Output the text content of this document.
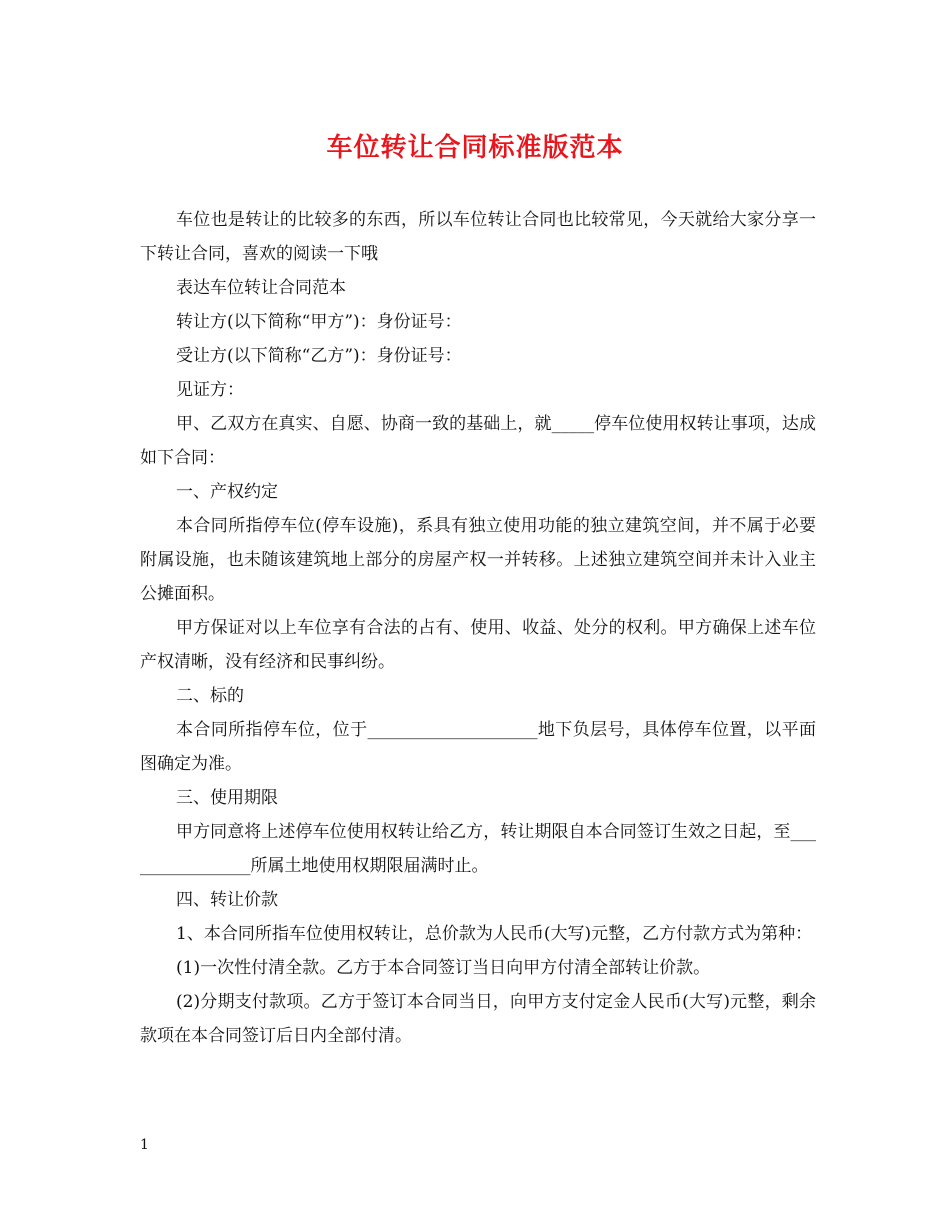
车位转让合同标准版范本

车位也是转让的比较多的东西，所以车位转让合同也比较常见，今天就给大家分享一下转让合同，喜欢的阅读一下哦

表达车位转让合同范本

转让方(以下简称“甲方”)：身份证号：

受让方(以下简称“乙方”)：身份证号：

见证方：

甲、乙双方在真实、自愿、协商一致的基础上，就_____停车位使用权转让事项，达成如下合同：

一、产权约定

本合同所指停车位(停车设施)，系具有独立使用功能的独立建筑空间，并不属于必要附属设施，也未随该建筑地上部分的房屋产权一并转移。上述独立建筑空间并未计入业主公摊面积。

甲方保证对以上车位享有合法的占有、使用、收益、处分的权利。甲方确保上述车位产权清晰，没有经济和民事纠纷。

二、标的

本合同所指停车位，位于____________________地下负层号，具体停车位置，以平面图确定为准。

三、使用期限

甲方同意将上述停车位使用权转让给乙方，转让期限自本合同签订生效之日起，至________________所属土地使用权期限届满时止。

四、转让价款

1、本合同所指车位使用权转让，总价款为人民币(大写)元整，乙方付款方式为第种：

(1)一次性付清全款。乙方于本合同签订当日向甲方付清全部转让价款。

(2)分期支付款项。乙方于签订本合同当日，向甲方支付定金人民币(大写)元整，剩余款项在本合同签订后日内全部付清。

1
